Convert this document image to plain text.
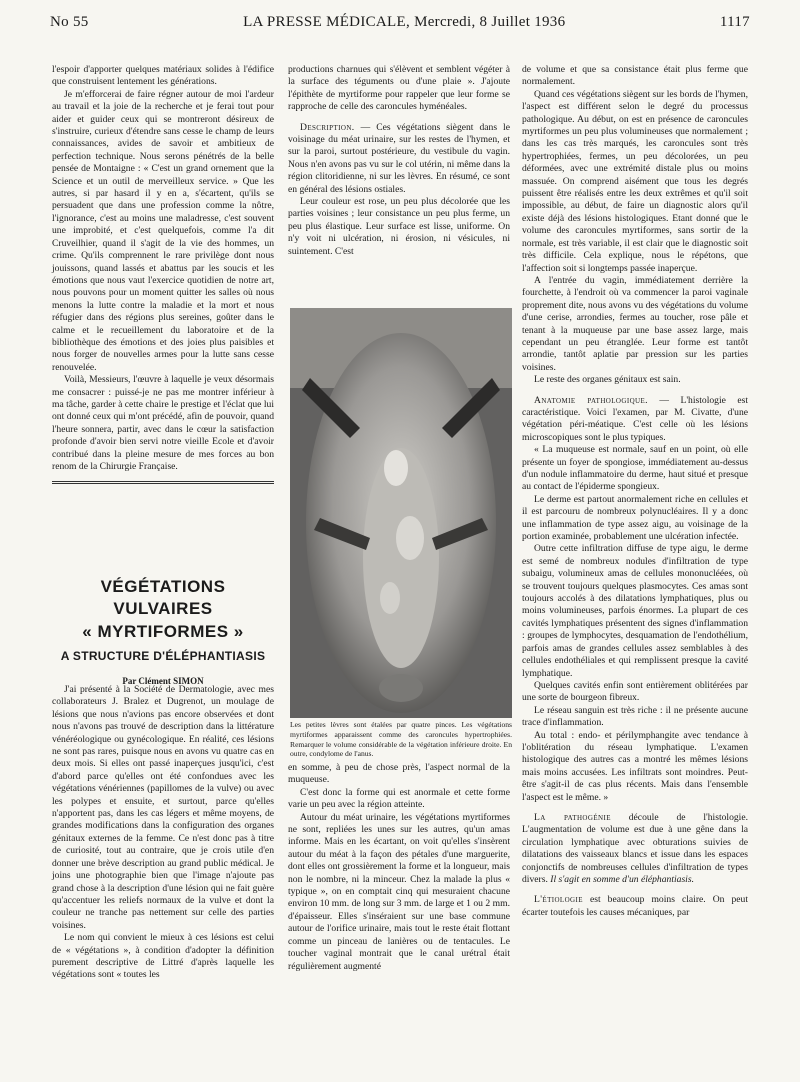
No 55	LA PRESSE MÉDICALE, Mercredi, 8 Juillet 1936	1117

l'espoir d'apporter quelques matériaux solides à l'édifice que construisent lentement les générations.

Je m'efforcerai de faire régner autour de moi l'ardeur au travail et la joie de la recherche et je ferai tout pour aider et guider ceux qui se montreront désireux de s'instruire, curieux d'étendre sans cesse le champ de leurs connaissances, avides de savoir et ambitieux de perfection technique. Nous serons pénétrés de la belle pensée de Montaigne : « C'est un grand ornement que la Science et un outil de merveilleux service. » Que les autres, si par hasard il y en a, s'écartent, qu'ils se persuadent que dans une profession comme la nôtre, l'ignorance, c'est au moins une maladresse, c'est souvent une improbité, et c'est quelquefois, comme l'a dit Cruveilhier, quand il s'agit de la vie des hommes, un crime. Qu'ils comprennent le rare privilège dont nous jouissons, quand lassés et abattus par les soucis et les émotions que nous vaut l'exercice quotidien de notre art, nous pouvons pour un moment quitter les salles où nous menons la lutte contre la maladie et la mort et nous réfugier dans des régions plus sereines, goûter dans le calme et le recueillement du laboratoire et de la bibliothèque des émotions et des joies plus paisibles et nous forger de nouvelles armes pour la lutte sans cesse renouvelée.

Voilà, Messieurs, l'œuvre à laquelle je veux désormais me consacrer : puissé-je ne pas me montrer inférieur à ma tâche, garder à cette chaire le prestige et l'éclat que lui ont donné ceux qui m'ont précédé, afin de pouvoir, quand l'heure sonnera, partir, avec dans le cœur la satisfaction profonde d'avoir bien servi notre vieille Ecole et d'avoir contribué dans la pleine mesure de mes forces au bon renom de la Chirurgie Française.

VÉGÉTATIONS VULVAIRES
« MYRTIFORMES »
A STRUCTURE D'ÉLÉPHANTIASIS
Par Clément SIMON

J'ai présenté à la Société de Dermatologie, avec mes collaborateurs J. Bralez et Dugrenot, un moulage de lésions que nous n'avions pas encore observées et dont nous n'avons pas trouvé de description dans la littérature vénéréologique ou gynécologique. En réalité, ces lésions ne sont pas rares, puisque nous en avons vu quatre cas en deux mois. Si elles ont passé inaperçues jusqu'ici, c'est d'abord parce qu'elles ont été confondues avec les végétations vénériennes (papillomes de la vulve) ou avec les polypes et ensuite, et surtout, parce qu'elles n'apportent pas, dans les cas légers et même moyens, de grandes modifications dans la configuration des organes génitaux externes de la femme. Ce n'est donc pas à titre de curiosité, tout au contraire, que je crois utile d'en donner une brève description au grand public médical. Je joins une photographie bien que l'image n'ajoute pas grand chose à la description d'une lésion qui ne fait guère qu'accentuer les reliefs normaux de la vulve et dont la couleur ne tranche pas nettement sur celle des parties voisines.

Le nom qui convient le mieux à ces lésions est celui de « végétations », à condition d'adopter la définition purement descriptive de Littré d'après laquelle les végétations sont « toutes les

productions charnues qui s'élèvent et semblent végéter à la surface des téguments ou d'une plaie ». J'ajoute l'épithète de myrtiforme pour rappeler que leur forme se rapproche de celle des caroncules hyménéales.

Description. — Ces végétations siègent dans le voisinage du méat urinaire, sur les restes de l'hymen, et sur la paroi, surtout postérieure, du vestibule du vagin. Nous n'en avons pas vu sur le col utérin, ni même dans la région clitoridienne, ni sur les lèvres. En résumé, ce sont en général des lésions ostiales.

Leur couleur est rose, un peu plus décolorée que les parties voisines ; leur consistance un peu plus ferme, un peu plus élastique. Leur surface est lisse, uniforme. On n'y voit ni ulcération, ni érosion, ni vésicules, ni suintement. C'est

Les petites lèvres sont étalées par quatre pinces. Les végétations myrtiformes apparaissent comme des caroncules hypertrophiées. Remarquer le volume considérable de la végétation inférieure droite. En outre, condylome de l'anus.

en somme, à peu de chose près, l'aspect normal de la muqueuse.

C'est donc la forme qui est anormale et cette forme varie un peu avec la région atteinte.

Autour du méat urinaire, les végétations myrtiformes ne sont, repliées les unes sur les autres, qu'un amas informe. Mais en les écartant, on voit qu'elles s'insèrent autour du méat à la façon des pétales d'une marguerite, dont elles ont grossièrement la forme et la longueur, mais non le nombre, ni la minceur. Chez la malade la plus « typique », on en comptait cinq qui mesuraient chacune environ 10 mm. de long sur 3 mm. de large et 1 ou 2 mm. d'épaisseur. Elles s'inséraient sur une base commune autour de l'orifice urinaire, mais tout le reste était flottant comme un pinceau de lanières ou de tentacules. Le toucher vaginal montrait que le canal urétral était régulièrement augmenté

de volume et que sa consistance était plus ferme que normalement.

Quand ces végétations siègent sur les bords de l'hymen, l'aspect est différent selon le degré du processus pathologique. Au début, on est en présence de caroncules myrtiformes un peu plus volumineuses que normalement ; dans les cas très marqués, les caroncules sont très hypertrophiées, fermes, un peu décolorées, un peu déformées, avec une extrémité distale plus ou moins massuée. On comprend aisément que tous les degrés puissent être réalisés entre les deux extrêmes et qu'il soit impossible, au début, de faire un diagnostic alors qu'il existe déjà des lésions histologiques. Etant donné que le volume des caroncules myrtiformes, sans sortir de la normale, est très variable, il est clair que le diagnostic soit très difficile. Cela explique, nous le répétons, que l'affection soit si longtemps passée inaperçue.

A l'entrée du vagin, immédiatement derrière la fourchette, à l'endroit où va commencer la paroi vaginale proprement dite, nous avons vu des végétations du volume d'une cerise, arrondies, fermes au toucher, rose pâle et tenant à la muqueuse par une base assez large, mais cependant un peu étranglée. Leur forme est tantôt arrondie, tantôt aplatie par pression sur les parties voisines.

Le reste des organes génitaux est sain.

Anatomie pathologique. — L'histologie est caractéristique. Voici l'examen, par M. Civatte, d'une végétation péri-méatique. C'est celle où les lésions microscopiques sont le plus typiques.

« La muqueuse est normale, sauf en un point, où elle présente un foyer de spongiose, immédiatement au-dessus d'un nodule inflammatoire du derme, haut situé et presque au contact de l'épiderme spongieux.

Le derme est partout anormalement riche en cellules et il est parcouru de nombreux polynucléaires. Il y a donc une inflammation de type assez aigu, au voisinage de la portion examinée, probablement une ulcération infectée.

Outre cette infiltration diffuse de type aigu, le derme est semé de nombreux nodules d'infiltration de type subaigu, volumineux amas de cellules mononucléées, où se trouvent toujours quelques plasmocytes. Ces amas sont toujours accolés à des dilatations lymphatiques, plus ou moins volumineuses, parfois énormes. La plupart de ces cavités lymphatiques présentent des signes d'inflammation : groupes de lymphocytes, desquamation de l'endothélium, parfois amas de grandes cellules assez semblables à des cellules endothéliales et qui remplissent presque la cavité lymphatique.

Quelques cavités enfin sont entièrement oblitérées par une sorte de bourgeon fibreux.

Le réseau sanguin est très riche : il ne présente aucune trace d'inflammation.

Au total : endo- et périlymphangite avec tendance à l'oblitération du réseau lymphatique. L'examen histologique des autres cas a montré les mêmes lésions mais moins accusées. Les infiltrats sont moindres. Peut-être s'agit-il de cas plus récents. Mais dans l'ensemble l'aspect est le même. »

La pathogénie découle de l'histologie. L'augmentation de volume est due à une gêne dans la circulation lymphatique avec obturations suivies de dilatations des vaisseaux blancs et issue dans les espaces conjonctifs de nombreuses cellules d'infiltration de types divers. Il s'agit en somme d'un éléphantiasis.

L'étiologie est beaucoup moins claire. On peut écarter toutefois les causes mécaniques, par
